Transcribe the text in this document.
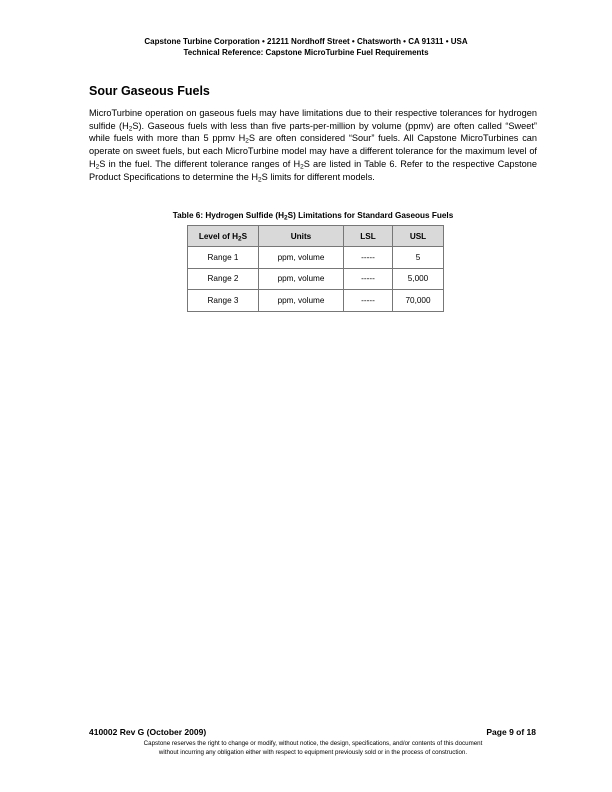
Capstone Turbine Corporation • 21211 Nordhoff Street • Chatsworth • CA 91311 • USA
Technical Reference: Capstone MicroTurbine Fuel Requirements
Sour Gaseous Fuels
MicroTurbine operation on gaseous fuels may have limitations due to their respective tolerances for hydrogen sulfide $(H_2S)$. Gaseous fuels with less than five parts-per-million by volume (ppmv) are often called “Sweet” while fuels with more than 5 ppmv $H_2S$ are often considered “Sour” fuels. All Capstone MicroTurbines can operate on sweet fuels, but each MicroTurbine model may have a different tolerance for the maximum level of $H_2S$ in the fuel. The different tolerance ranges of $H_2S$ are listed in Table 6. Refer to the respective Capstone Product Specifications to determine the $H_2S$ limits for different models.
Table 6: Hydrogen Sulfide $(H_2S)$ Limitations for Standard Gaseous Fuels
Level of $H_2S$	Units	LSL	USL
Range 1	ppm, volume	-----	5
Range 2	ppm, volume	-----	5,000
Range 3	ppm, volume	-----	70,000
410002 Rev G (October 2009)	Page 9 of 18
Capstone reserves the right to change or modify, without notice, the design, specifications, and/or contents of this document
without incurring any obligation either with respect to equipment previously sold or in the process of construction.
